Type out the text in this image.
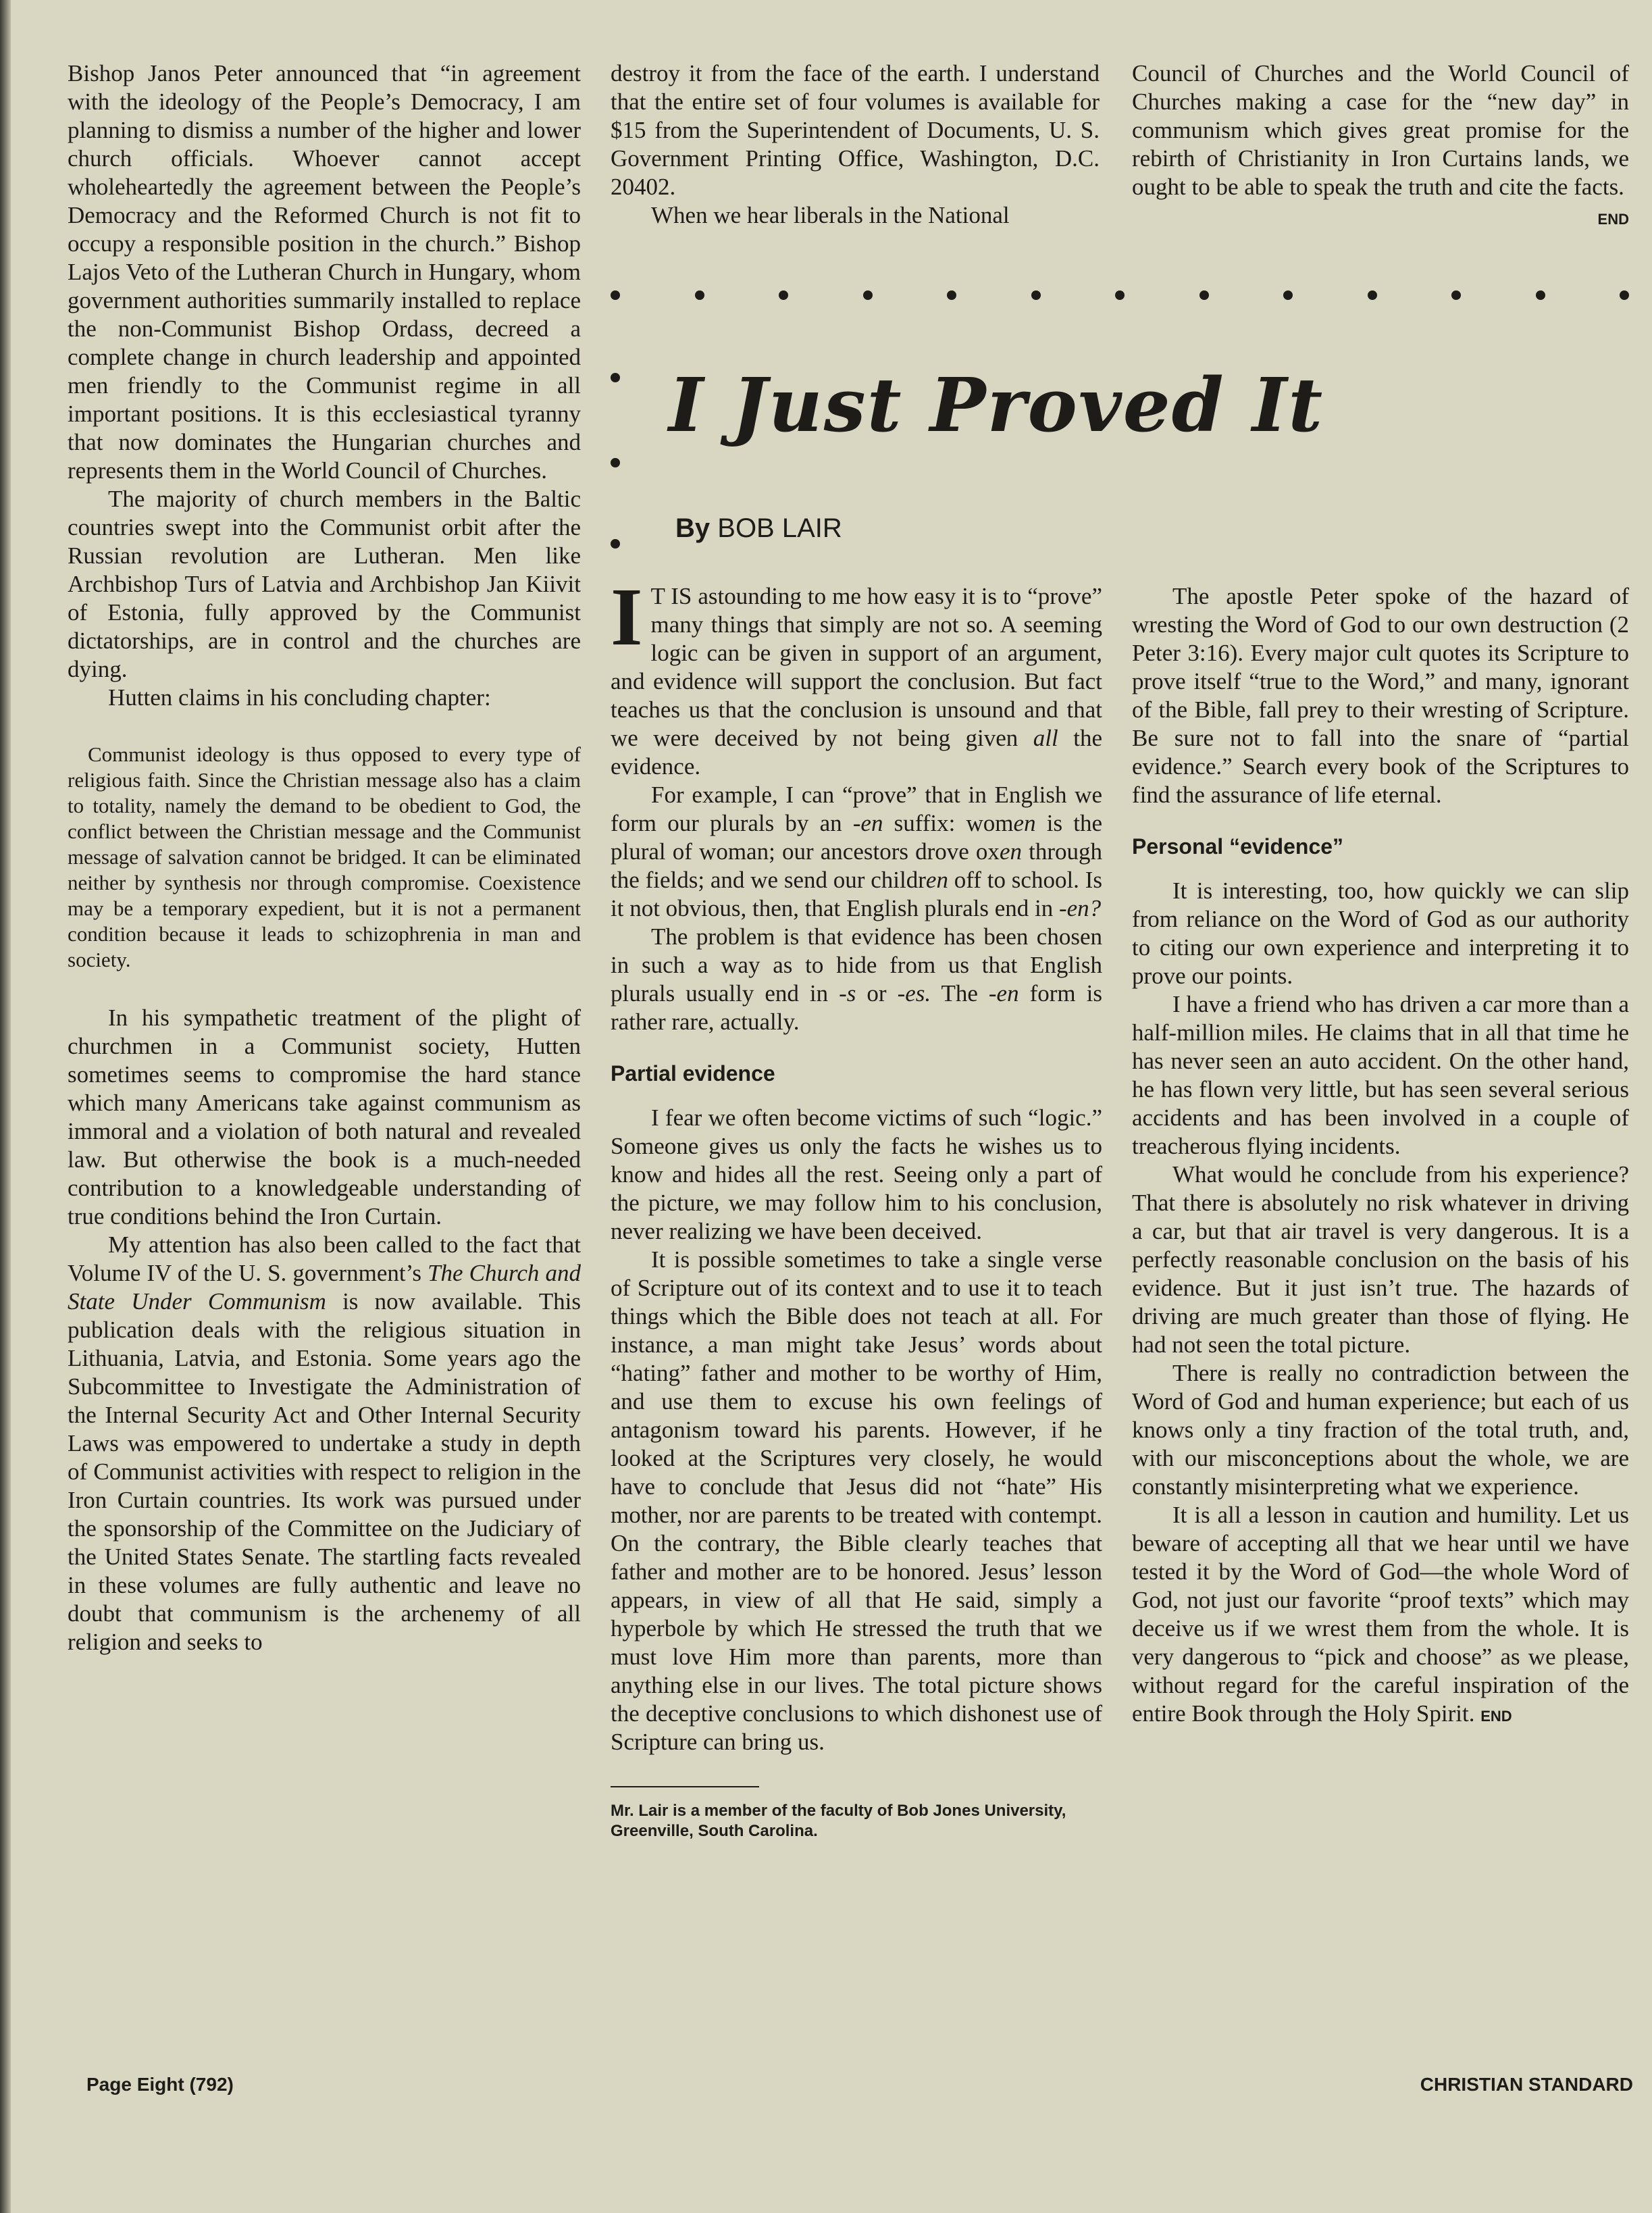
Bishop Janos Peter announced that “in agreement with the ideology of the People’s Democracy, I am planning to dismiss a number of the higher and lower church officials. Whoever cannot accept wholeheartedly the agreement between the People’s Democracy and the Reformed Church is not fit to occupy a responsible position in the church.” Bishop Lajos Veto of the Lutheran Church in Hungary, whom government authorities summarily installed to replace the non-Communist Bishop Ordass, decreed a complete change in church leadership and appointed men friendly to the Communist regime in all important positions. It is this ecclesiastical tyranny that now dominates the Hungarian churches and represents them in the World Council of Churches.

The majority of church members in the Baltic countries swept into the Communist orbit after the Russian revolution are Lutheran. Men like Archbishop Turs of Latvia and Archbishop Jan Kiivit of Estonia, fully approved by the Communist dictatorships, are in control and the churches are dying.

Hutten claims in his concluding chapter:

Communist ideology is thus opposed to every type of religious faith. Since the Christian message also has a claim to totality, namely the demand to be obedient to God, the conflict between the Christian message and the Communist message of salvation cannot be bridged. It can be eliminated neither by synthesis nor through compromise. Coexistence may be a temporary expedient, but it is not a permanent condition because it leads to schizophrenia in man and society.

In his sympathetic treatment of the plight of churchmen in a Communist society, Hutten sometimes seems to compromise the hard stance which many Americans take against communism as immoral and a violation of both natural and revealed law. But otherwise the book is a much-needed contribution to a knowledgeable understanding of true conditions behind the Iron Curtain.

My attention has also been called to the fact that Volume IV of the U. S. government’s The Church and State Under Communism is now available. This publication deals with the religious situation in Lithuania, Latvia, and Estonia. Some years ago the Subcommittee to Investigate the Administration of the Internal Security Act and Other Internal Security Laws was empowered to undertake a study in depth of Communist activities with respect to religion in the Iron Curtain countries. Its work was pursued under the sponsorship of the Committee on the Judiciary of the United States Senate. The startling facts revealed in these volumes are fully authentic and leave no doubt that communism is the archenemy of all religion and seeks to

destroy it from the face of the earth. I understand that the entire set of four volumes is available for $15 from the Superintendent of Documents, U. S. Government Printing Office, Washington, D.C. 20402.

When we hear liberals in the National

Council of Churches and the World Council of Churches making a case for the “new day” in communism which gives great promise for the rebirth of Christianity in Iron Curtains lands, we ought to be able to speak the truth and cite the facts.
END

I Just Proved It
By BOB LAIR

I T IS astounding to me how easy it is to “prove” many things that simply are not so. A seeming logic can be given in support of an argument, and evidence will support the conclusion. But fact teaches us that the conclusion is unsound and that we were deceived by not being given all the evidence.

For example, I can “prove” that in English we form our plurals by an -en suffix: women is the plural of woman; our ancestors drove oxen through the fields; and we send our children off to school. Is it not obvious, then, that English plurals end in -en?

The problem is that evidence has been chosen in such a way as to hide from us that English plurals usually end in -s or -es. The -en form is rather rare, actually.

Partial evidence

I fear we often become victims of such “logic.” Someone gives us only the facts he wishes us to know and hides all the rest. Seeing only a part of the picture, we may follow him to his conclusion, never realizing we have been deceived.

It is possible sometimes to take a single verse of Scripture out of its context and to use it to teach things which the Bible does not teach at all. For instance, a man might take Jesus’ words about “hating” father and mother to be worthy of Him, and use them to excuse his own feelings of antagonism toward his parents. However, if he looked at the Scriptures very closely, he would have to conclude that Jesus did not “hate” His mother, nor are parents to be treated with contempt. On the contrary, the Bible clearly teaches that father and mother are to be honored. Jesus’ lesson appears, in view of all that He said, simply a hyperbole by which He stressed the truth that we must love Him more than parents, more than anything else in our lives. The total picture shows the deceptive conclusions to which dishonest use of Scripture can bring us.

Mr. Lair is a member of the faculty of Bob Jones University, Greenville, South Carolina.

The apostle Peter spoke of the hazard of wresting the Word of God to our own destruction (2 Peter 3:16). Every major cult quotes its Scripture to prove itself “true to the Word,” and many, ignorant of the Bible, fall prey to their wresting of Scripture. Be sure not to fall into the snare of “partial evidence.” Search every book of the Scriptures to find the assurance of life eternal.

Personal “evidence”

It is interesting, too, how quickly we can slip from reliance on the Word of God as our authority to citing our own experience and interpreting it to prove our points.

I have a friend who has driven a car more than a half-million miles. He claims that in all that time he has never seen an auto accident. On the other hand, he has flown very little, but has seen several serious accidents and has been involved in a couple of treacherous flying incidents.

What would he conclude from his experience? That there is absolutely no risk whatever in driving a car, but that air travel is very dangerous. It is a perfectly reasonable conclusion on the basis of his evidence. But it just isn’t true. The hazards of driving are much greater than those of flying. He had not seen the total picture.

There is really no contradiction between the Word of God and human experience; but each of us knows only a tiny fraction of the total truth, and, with our misconceptions about the whole, we are constantly misinterpreting what we experience.

It is all a lesson in caution and humility. Let us beware of accepting all that we hear until we have tested it by the Word of God—the whole Word of God, not just our favorite “proof texts” which may deceive us if we wrest them from the whole. It is very dangerous to “pick and choose” as we please, without regard for the careful inspiration of the entire Book through the Holy Spirit. END

Page Eight (792)	CHRISTIAN STANDARD
